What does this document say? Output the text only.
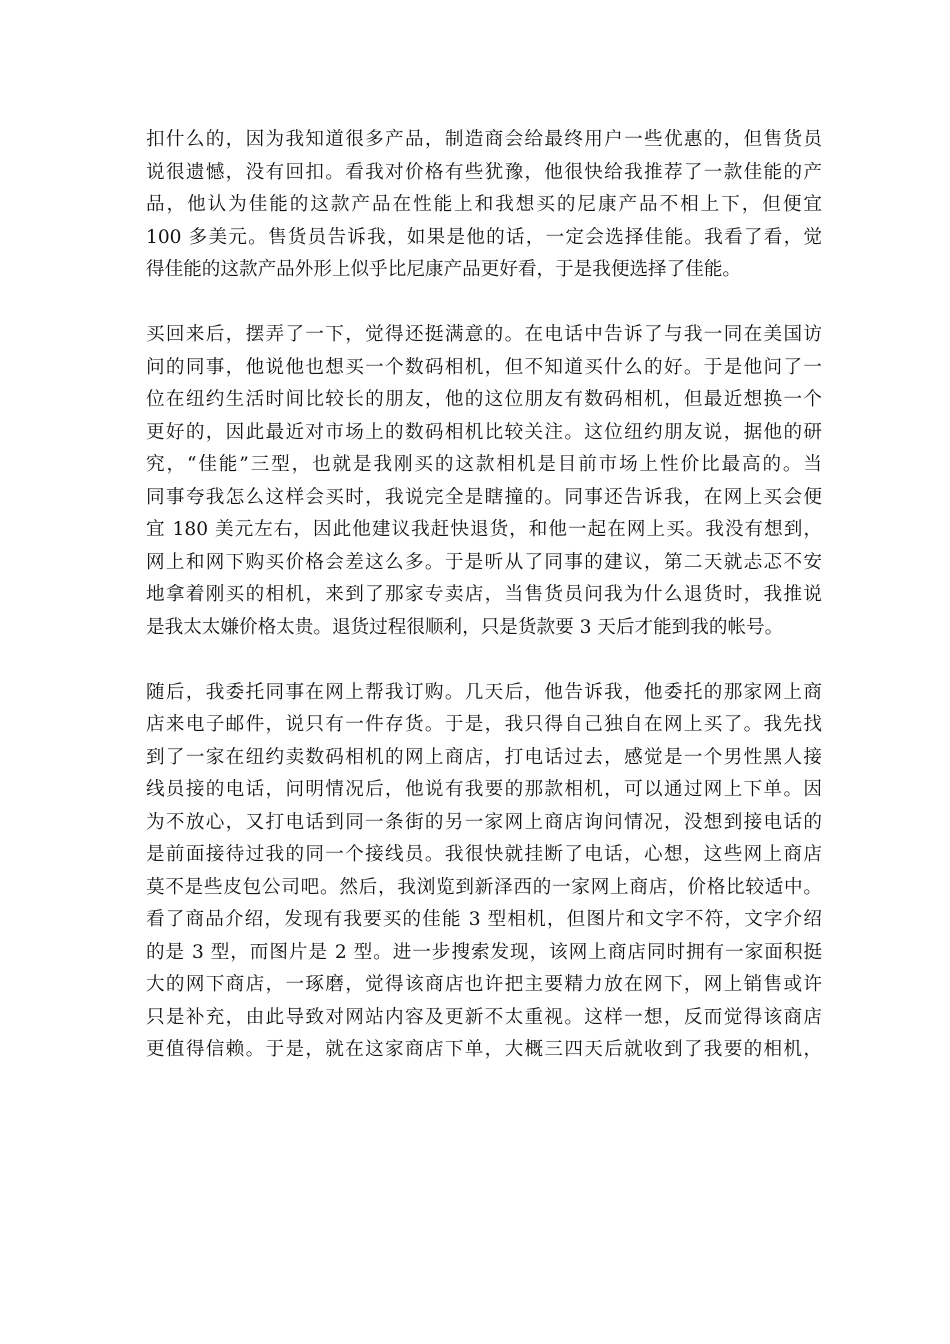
扣什么的，因为我知道很多产品，制造商会给最终用户一些优惠的，但售货员
说很遗憾，没有回扣。看我对价格有些犹豫，他很快给我推荐了一款佳能的产
品，他认为佳能的这款产品在性能上和我想买的尼康产品不相上下，但便宜
100 多美元。售货员告诉我，如果是他的话，一定会选择佳能。我看了看，觉
得佳能的这款产品外形上似乎比尼康产品更好看，于是我便选择了佳能。

买回来后，摆弄了一下，觉得还挺满意的。在电话中告诉了与我一同在美国访
问的同事，他说他也想买一个数码相机，但不知道买什么的好。于是他问了一
位在纽约生活时间比较长的朋友，他的这位朋友有数码相机，但最近想换一个
更好的，因此最近对市场上的数码相机比较关注。这位纽约朋友说，据他的研
究，“佳能”三型，也就是我刚买的这款相机是目前市场上性价比最高的。当
同事夸我怎么这样会买时，我说完全是瞎撞的。同事还告诉我，在网上买会便
宜 180 美元左右，因此他建议我赶快退货，和他一起在网上买。我没有想到，
网上和网下购买价格会差这么多。于是听从了同事的建议，第二天就忐忑不安
地拿着刚买的相机，来到了那家专卖店，当售货员问我为什么退货时，我推说
是我太太嫌价格太贵。退货过程很顺利，只是货款要 3 天后才能到我的帐号。

随后，我委托同事在网上帮我订购。几天后，他告诉我，他委托的那家网上商
店来电子邮件，说只有一件存货。于是，我只得自己独自在网上买了。我先找
到了一家在纽约卖数码相机的网上商店，打电话过去，感觉是一个男性黑人接
线员接的电话，问明情况后，他说有我要的那款相机，可以通过网上下单。因
为不放心，又打电话到同一条街的另一家网上商店询问情况，没想到接电话的
是前面接待过我的同一个接线员。我很快就挂断了电话，心想，这些网上商店
莫不是些皮包公司吧。然后，我浏览到新泽西的一家网上商店，价格比较适中。
看了商品介绍，发现有我要买的佳能 3 型相机，但图片和文字不符，文字介绍
的是 3 型，而图片是 2 型。进一步搜索发现，该网上商店同时拥有一家面积挺
大的网下商店，一琢磨，觉得该商店也许把主要精力放在网下，网上销售或许
只是补充，由此导致对网站内容及更新不太重视。这样一想，反而觉得该商店
更值得信赖。于是，就在这家商店下单，大概三四天后就收到了我要的相机，
